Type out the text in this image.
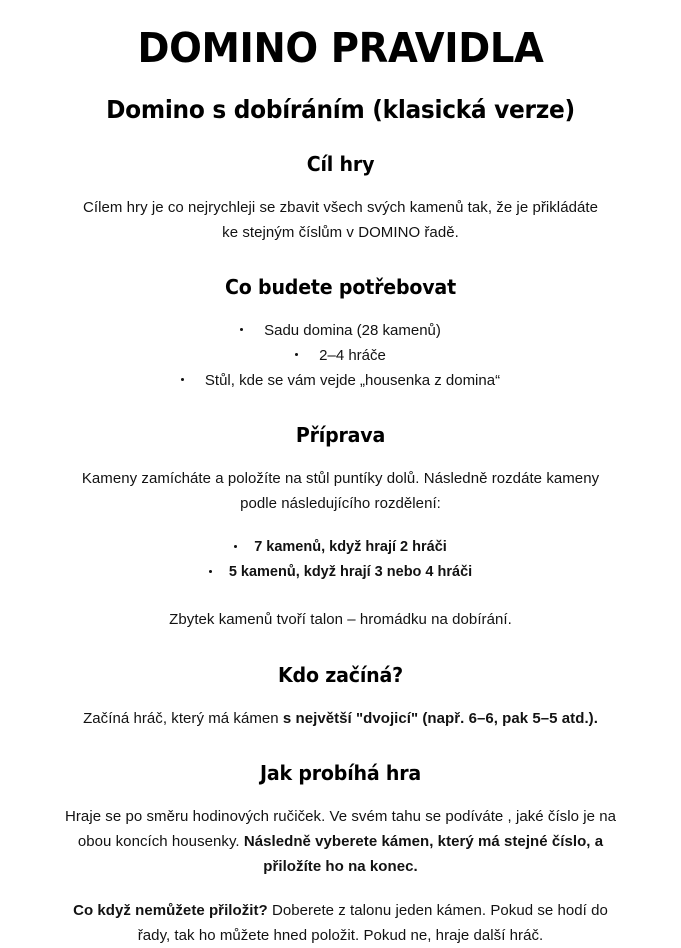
DOMINO PRAVIDLA
Domino s dobíráním (klasická verze)
Cíl hry

Cílem hry je co nejrychleji se zbavit všech svých kamenů tak, že je přikládáte ke stejným číslům v DOMINO řadě.

Co budete potřebovat
Sadu domina (28 kamenů)
2–4 hráče
Stůl, kde se vám vejde „housenka z domina“
Příprava

Kameny zamícháte a položíte na stůl puntíky dolů. Následně rozdáte kameny podle následujícího rozdělení:

7 kamenů, když hrají 2 hráči
5 kamenů, když hrají 3 nebo 4 hráči

Zbytek kamenů tvoří talon – hromádku na dobírání.

Kdo začíná?

Začíná hráč, který má kámen s největší "dvojicí" (např. 6–6, pak 5–5 atd.).

Jak probíhá hra

Hraje se po směru hodinových ručiček. Ve svém tahu se podíváte , jaké číslo je na obou koncích housenky. Následně vyberete kámen, který má stejné číslo, a přiložíte ho na konec.

Co když nemůžete přiložit? Doberete z talonu jeden kámen. Pokud se hodí do řady, tak ho můžete hned položit. Pokud ne, hraje další hráč.
